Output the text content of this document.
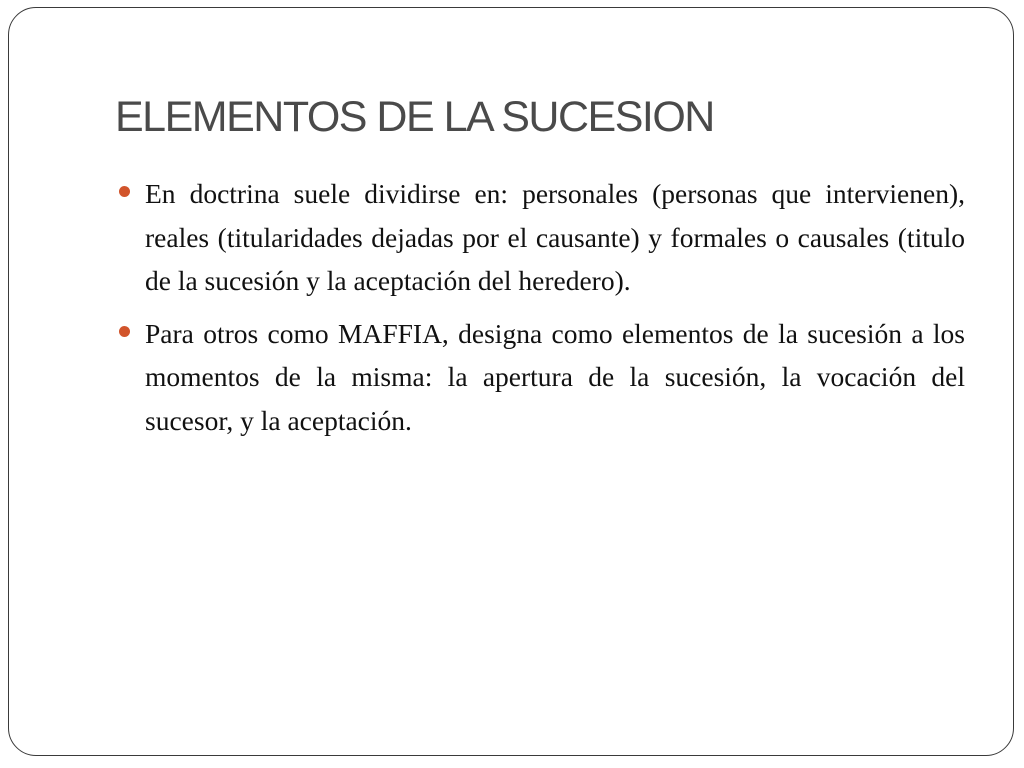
ELEMENTOS DE LA SUCESION
En doctrina suele dividirse en: personales (personas que intervienen), reales (titularidades dejadas por el causante) y formales o causales (titulo de la sucesión y la aceptación del heredero).
Para otros como MAFFIA, designa como elementos de la sucesión a los momentos de la misma: la apertura de la sucesión, la vocación del sucesor, y la aceptación.
